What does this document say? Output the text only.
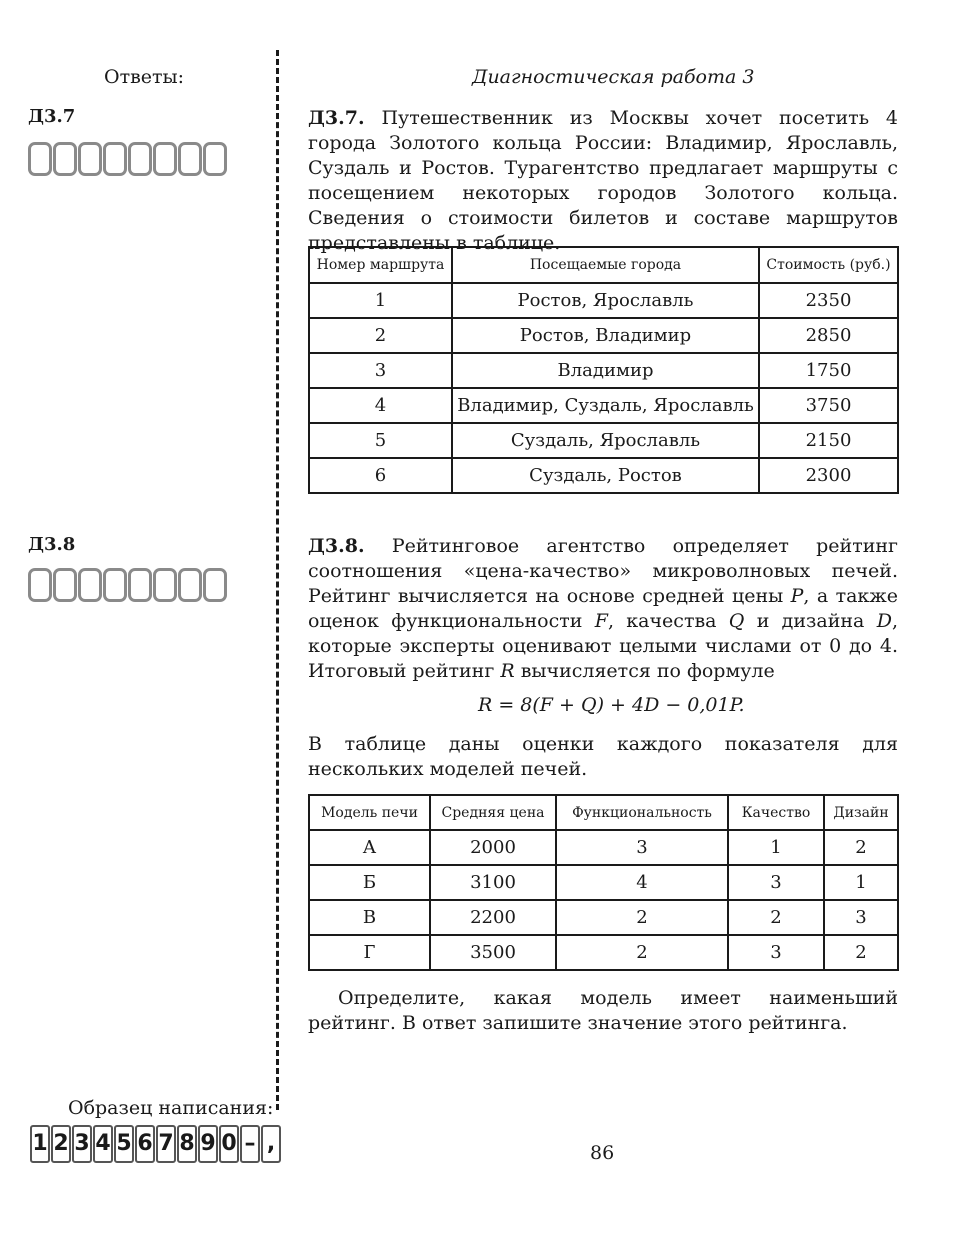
Ответы:	Диагностическая работа 3
Д3.7	Д3.7. Путешественник из Москвы хочет посетить 4 города Золотого кольца России: Владимир, Ярославль, Суздаль и Ростов. Турагентство предлагает маршруты с посещением некоторых городов Золотого кольца. Сведения о стоимости билетов и составе маршрутов представлены в таблице.
Номер маршрута	Посещаемые города	Стоимость (руб.)
1	Ростов, Ярославль	2350
2	Ростов, Владимир	2850
3	Владимир	1750
4	Владимир, Суздаль, Ярославль	3750
5	Суздаль, Ярославль	2150
6	Суздаль, Ростов	2300
Д3.8	Д3.8. Рейтинговое агентство определяет рейтинг соотношения «цена-качество» микроволновых печей. Рейтинг вычисляется на основе средней цены P, а также оценок функциональности F, качества Q и дизайна D, которые эксперты оценивают целыми числами от 0 до 4. Итоговый рейтинг R вычисляется по формуле
R = 8(F + Q) + 4D − 0,01P.
В таблице даны оценки каждого показателя для нескольких моделей печей.
Модель печи	Средняя цена	Функциональность	Качество	Дизайн
А	2000	3	1	2
Б	3100	4	3	1
В	2200	2	2	3
Г	3500	2	3	2
Определите, какая модель имеет наименьший рейтинг. В ответ запишите значение этого рейтинга.
Образец написания:
1 2 3 4 5 6 7 8 9 0 – ,	86
